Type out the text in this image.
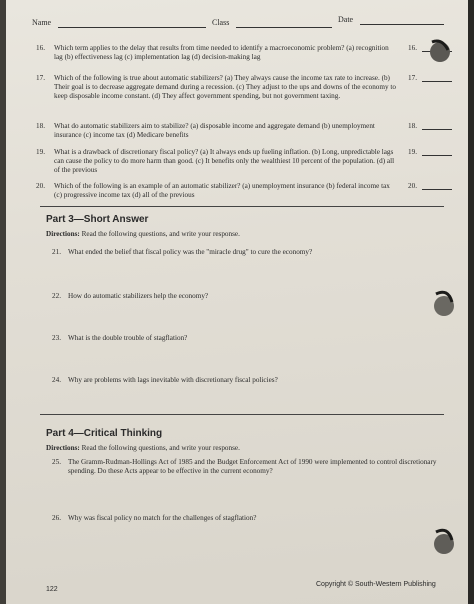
Name	Class	Date
16. Which term applies to the delay that results from time needed to identify a macroeconomic problem? (a) recognition lag (b) effectiveness lag (c) implementation lag (d) decision-making lag
16.
17. Which of the following is true about automatic stabilizers? (a) They always cause the income tax rate to increase. (b) Their goal is to decrease aggregate demand during a recession. (c) They adjust to the ups and downs of the economy to keep disposable income constant. (d) They affect government spending, but not government taxing.
17.
18. What do automatic stabilizers aim to stabilize? (a) disposable income and aggregate demand (b) unemployment insurance (c) income tax (d) Medicare benefits
18.
19. What is a drawback of discretionary fiscal policy? (a) It always ends up fueling inflation. (b) Long, unpredictable lags can cause the policy to do more harm than good. (c) It benefits only the wealthiest 10 percent of the population. (d) all of the previous
19.
20. Which of the following is an example of an automatic stabilizer? (a) unemployment insurance (b) federal income tax (c) progressive income tax (d) all of the previous
20.
Part 3—Short Answer
Directions: Read the following questions, and write your response.
21. What ended the belief that fiscal policy was the "miracle drug" to cure the economy?
22. How do automatic stabilizers help the economy?
23. What is the double trouble of stagflation?
24. Why are problems with lags inevitable with discretionary fiscal policies?
Part 4—Critical Thinking
Directions: Read the following questions, and write your response.
25. The Gramm-Rudman-Hollings Act of 1985 and the Budget Enforcement Act of 1990 were implemented to control discretionary spending. Do these Acts appear to be effective in the current economy?
26. Why was fiscal policy no match for the challenges of stagflation?
122
Copyright © South-Western Publishing
